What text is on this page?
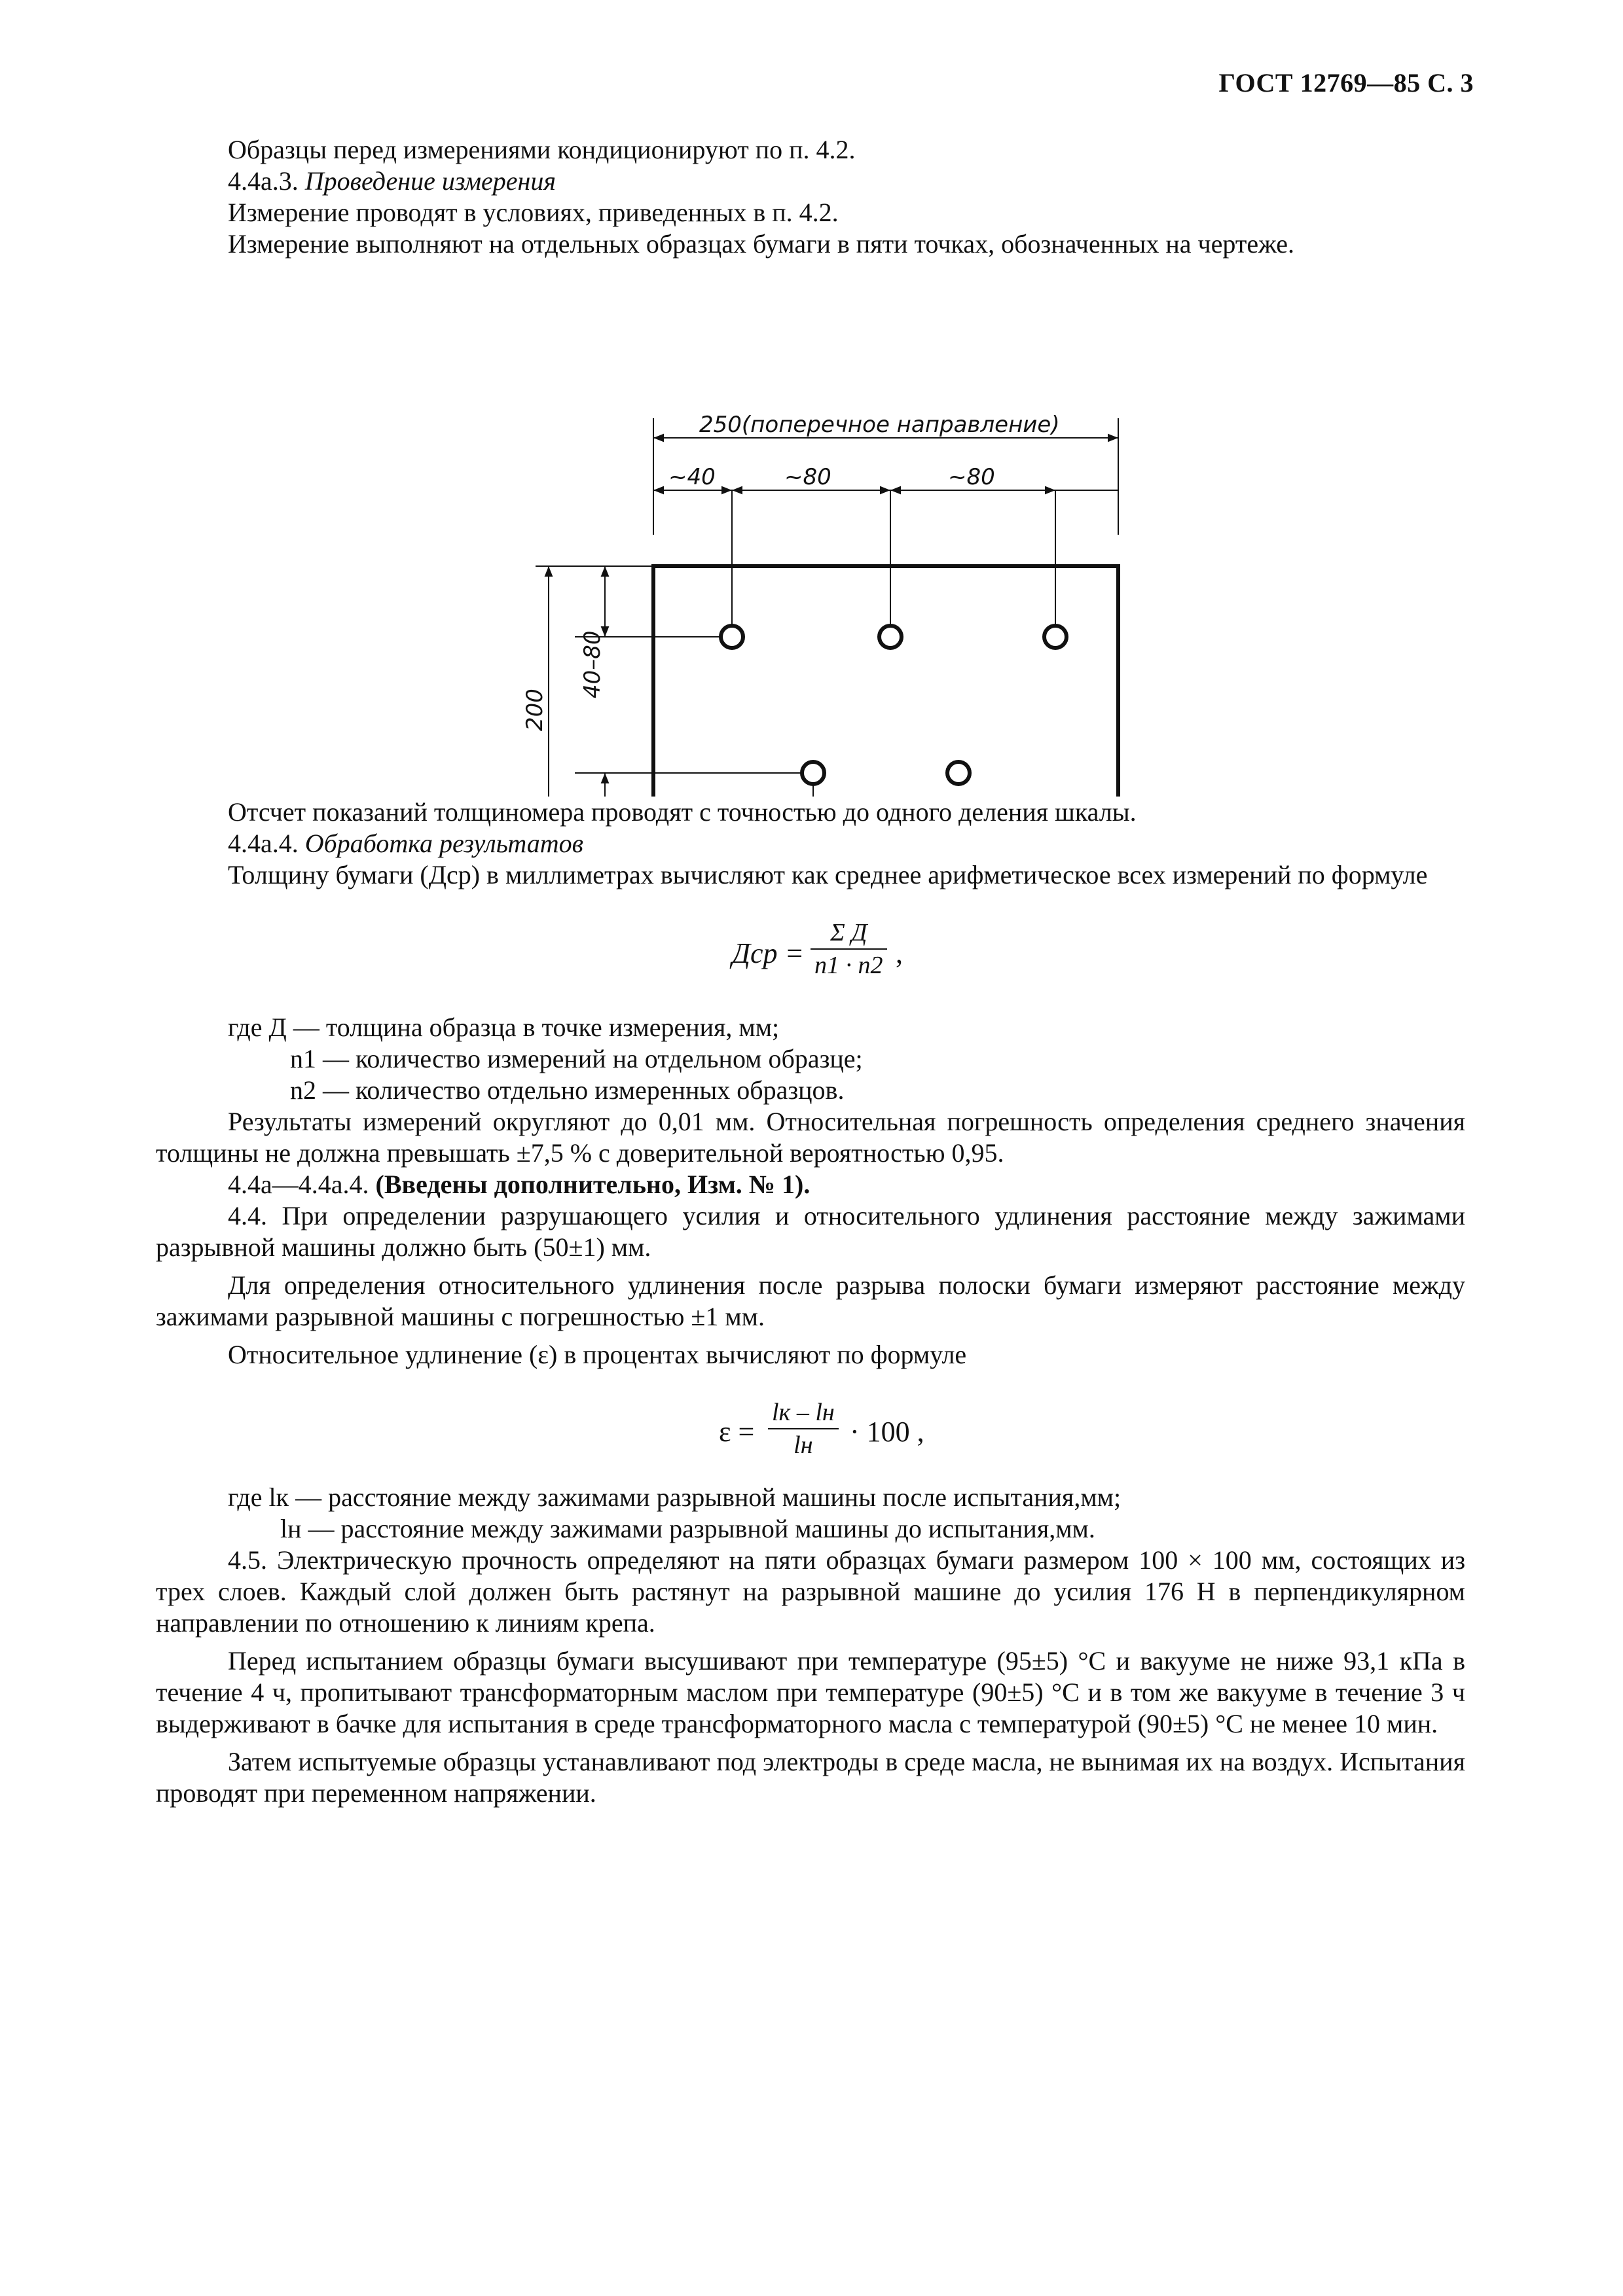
ГОСТ 12769—85 С. 3

Образцы перед измерениями кондиционируют по п. 4.2.

4.4а.3. Проведение измерения

Измерение проводят в условиях, приведенных в п. 4.2.

Измерение выполняют на отдельных образцах бумаги в пяти точках, обозначенных на чертеже.

250(поперечное направление)
~40	~80	~80
200
40–80

Отсчет показаний толщиномера проводят с точностью до одного деления шкалы.

4.4а.4. Обработка результатов

Толщину бумаги (Дср) в миллиметрах вычисляют как среднее арифметическое всех измерений по формуле

Дср =
Σ Д
n1 · n2 ,

где Д — толщина образца в точке измерения, мм;

n1 — количество измерений на отдельном образце;

n2 — количество отдельно измеренных образцов.

Результаты измерений округляют до 0,01 мм. Относительная погрешность определения среднего значения толщины не должна превышать ±7,5 % с доверительной вероятностью 0,95.

4.4а—4.4а.4. (Введены дополнительно, Изм. № 1).

4.4. При определении разрушающего усилия и относительного удлинения расстояние между зажимами разрывной машины должно быть (50±1) мм.

Для определения относительного удлинения после разрыва полоски бумаги измеряют расстояние между зажимами разрывной машины с погрешностью ±1 мм.

Относительное удлинение (ε) в процентах вычисляют по формуле

ε =
lк – lн
lн	· 100 ,

где lк — расстояние между зажимами разрывной машины после испытания,мм;

lн — расстояние между зажимами разрывной машины до испытания,мм.

4.5. Электрическую прочность определяют на пяти образцах бумаги размером 100 × 100 мм, состоящих из трех слоев. Каждый слой должен быть растянут на разрывной машине до усилия 176 Н в перпендикулярном направлении по отношению к линиям крепа.

Перед испытанием образцы бумаги высушивают при температуре (95±5) °С и вакууме не ниже 93,1 кПа в течение 4 ч, пропитывают трансформаторным маслом при температуре (90±5) °С и в том же вакууме в течение 3 ч выдерживают в бачке для испытания в среде трансформаторного масла с температурой (90±5) °С не менее 10 мин.

Затем испытуемые образцы устанавливают под электроды в среде масла, не вынимая их на воздух. Испытания проводят при переменном напряжении.
